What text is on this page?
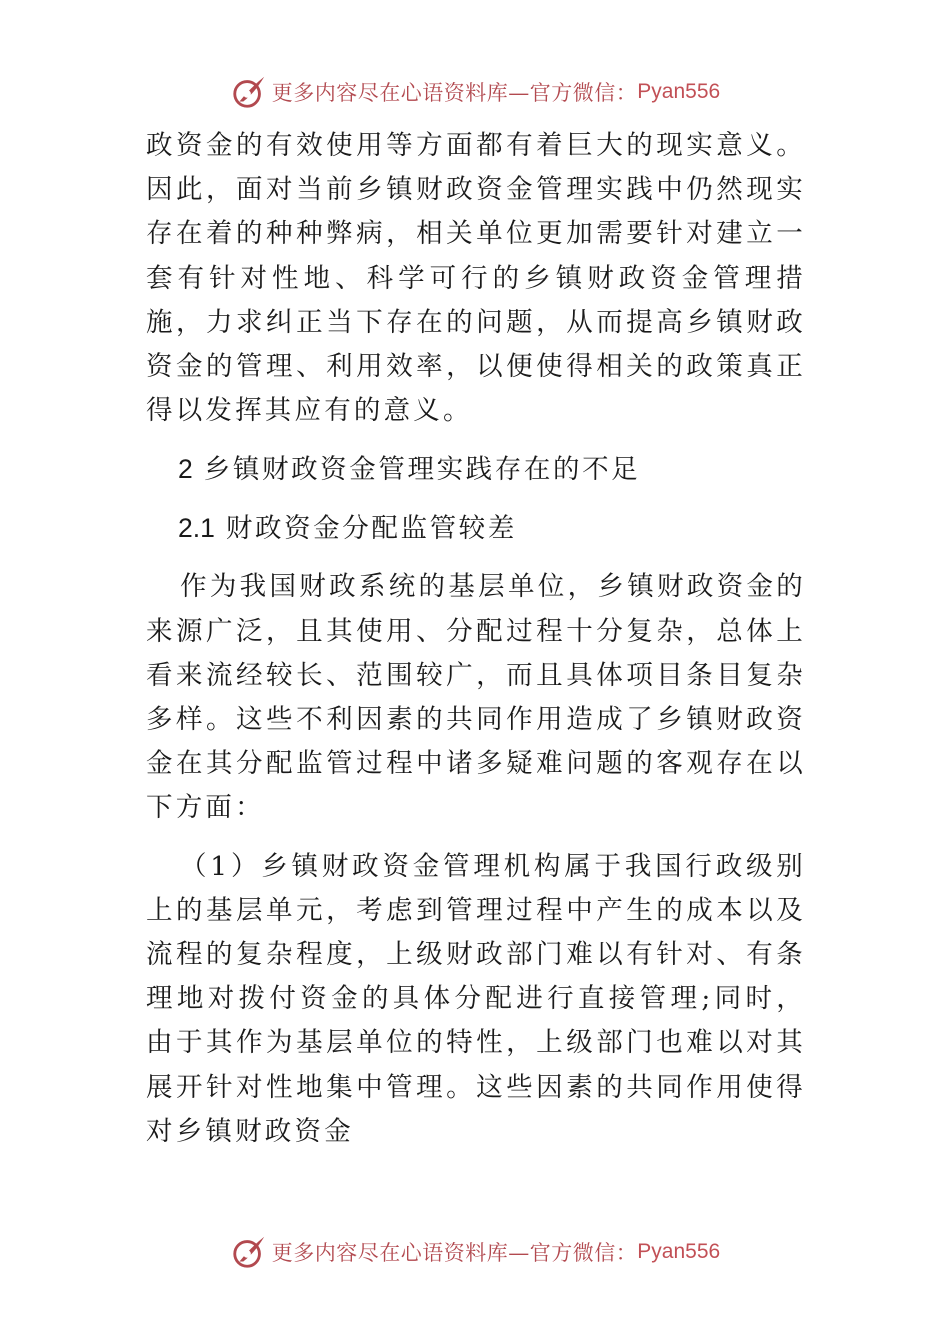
更多内容尽在心语资料库—官方微信： Pyan556

政资金的有效使用等方面都有着巨大的现实意义。因此，面对当前乡镇财政资金管理实践中仍然现实存在着的种种弊病，相关单位更加需要针对建立一套有针对性地、科学可行的乡镇财政资金管理措施，力求纠正当下存在的问题，从而提高乡镇财政资金的管理、利用效率，以便使得相关的政策真正得以发挥其应有的意义。

2 乡镇财政资金管理实践存在的不足

2.1 财政资金分配监管较差

作为我国财政系统的基层单位，乡镇财政资金的来源广泛，且其使用、分配过程十分复杂，总体上看来流经较长、范围较广，而且具体项目条目复杂多样。这些不利因素的共同作用造成了乡镇财政资金在其分配监管过程中诸多疑难问题的客观存在以下方面：

（1）乡镇财政资金管理机构属于我国行政级别上的基层单元，考虑到管理过程中产生的成本以及流程的复杂程度，上级财政部门难以有针对、有条理地对拨付资金的具体分配进行直接管理;同时，由于其作为基层单位的特性，上级部门也难以对其展开针对性地集中管理。这些因素的共同作用使得对乡镇财政资金

更多内容尽在心语资料库—官方微信： Pyan556
